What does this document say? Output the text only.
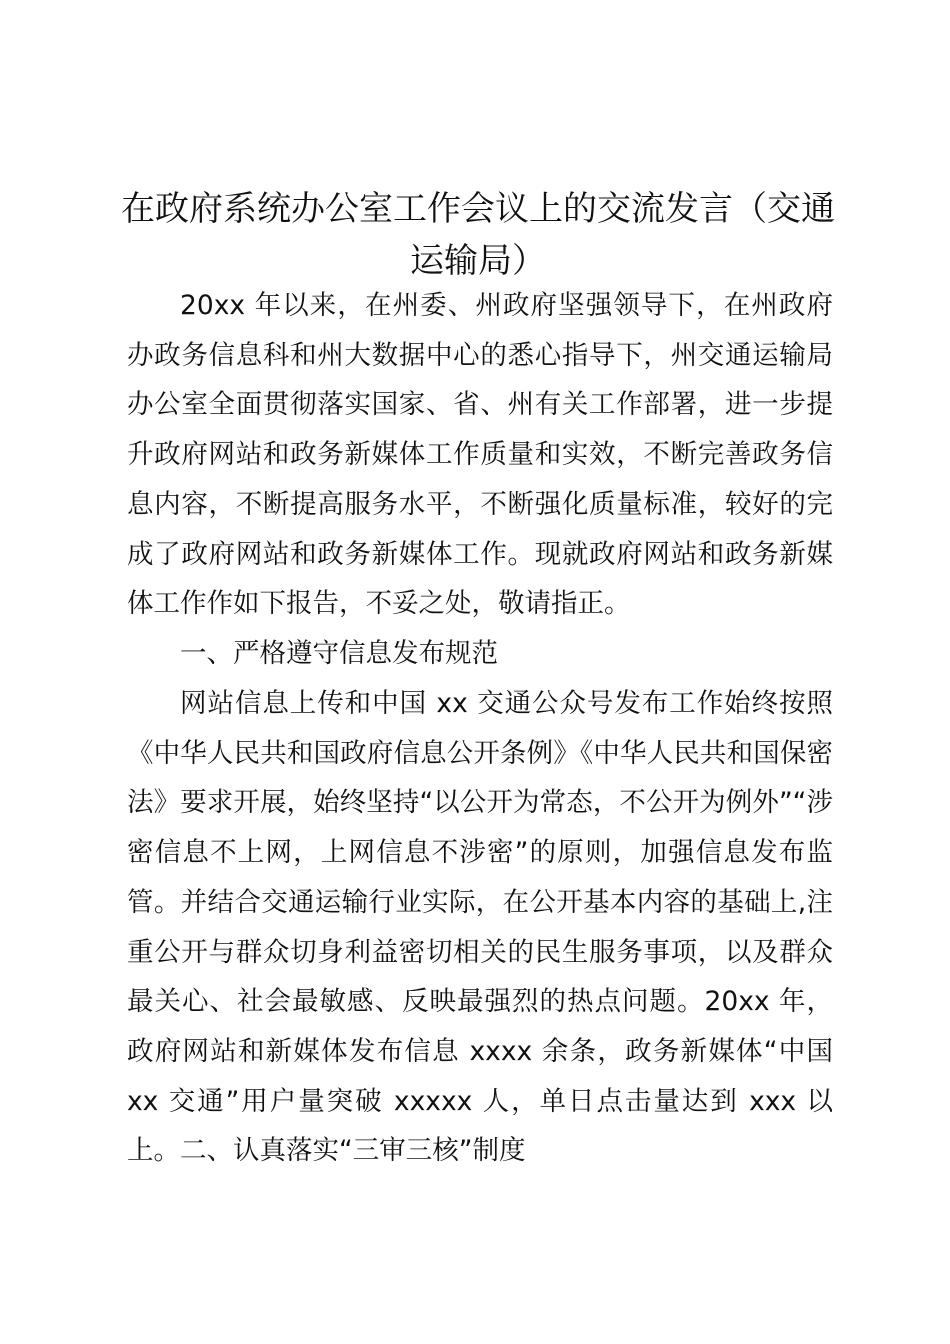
在政府系统办公室工作会议上的交流发言（交通运输局）

20xx 年以来，在州委、州政府坚强领导下，在州政府办政务信息科和州大数据中心的悉心指导下，州交通运输局办公室全面贯彻落实国家、省、州有关工作部署，进一步提升政府网站和政务新媒体工作质量和实效，不断完善政务信息内容，不断提高服务水平，不断强化质量标准，较好的完成了政府网站和政务新媒体工作。现就政府网站和政务新媒体工作作如下报告，不妥之处，敬请指正。

一、严格遵守信息发布规范

网站信息上传和中国 xx 交通公众号发布工作始终按照《中华人民共和国政府信息公开条例》《中华人民共和国保密法》要求开展，始终坚持“以公开为常态，不公开为例外”“涉密信息不上网，上网信息不涉密”的原则，加强信息发布监管。并结合交通运输行业实际，在公开基本内容的基础上,注重公开与群众切身利益密切相关的民生服务事项，以及群众最关心、社会最敏感、反映最强烈的热点问题。20xx 年，政府网站和新媒体发布信息 xxxx 余条，政务新媒体“中国 xx 交通”用户量突破 xxxxx 人，单日点击量达到 xxx 以上。 二、认真落实“三审三核”制度
